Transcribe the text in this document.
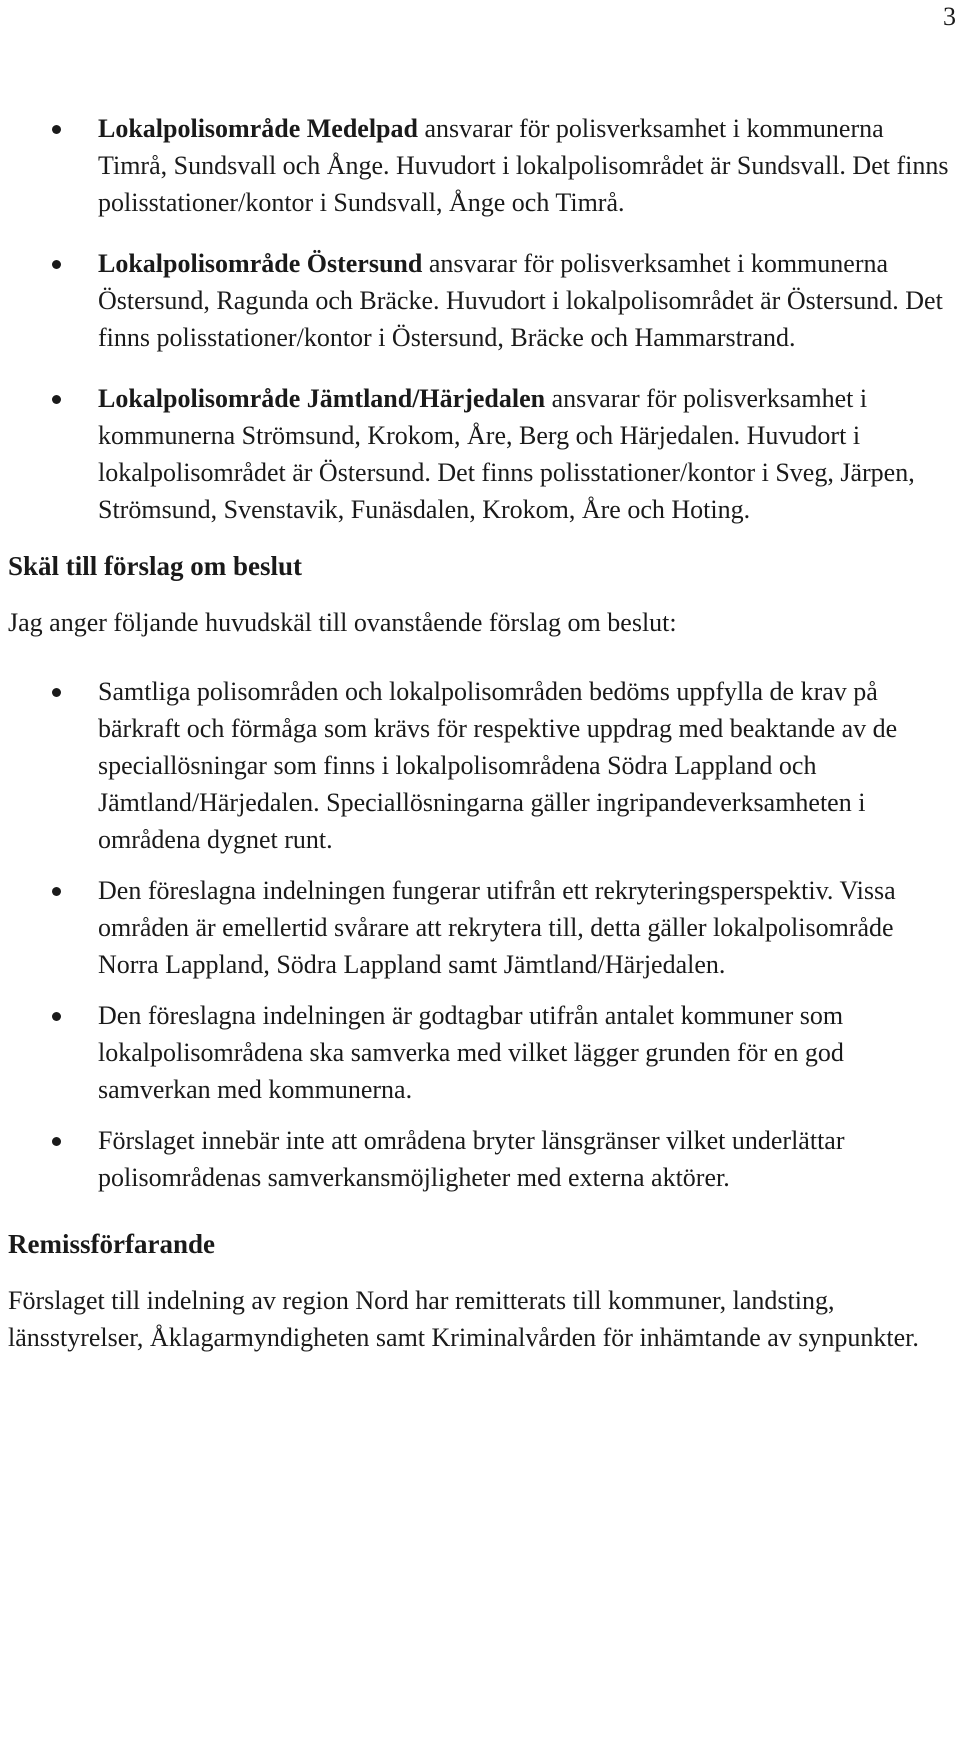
3
Lokalpolisområde Medelpad ansvarar för polisverksamhet i kommunerna Timrå, Sundsvall och Ånge. Huvudort i lokalpolisområdet är Sundsvall. Det finns polisstationer/kontor i Sundsvall, Ånge och Timrå.
Lokalpolisområde Östersund ansvarar för polisverksamhet i kommunerna Östersund, Ragunda och Bräcke. Huvudort i lokalpolisområdet är Östersund. Det finns polisstationer/kontor i Östersund, Bräcke och Hammarstrand.
Lokalpolisområde Jämtland/Härjedalen ansvarar för polisverksamhet i kommunerna Strömsund, Krokom, Åre, Berg och Härjedalen. Huvudort i lokalpolisområdet är Östersund. Det finns polisstationer/kontor i Sveg, Järpen, Strömsund, Svenstavik, Funäsdalen, Krokom, Åre och Hoting.
Skäl till förslag om beslut

Jag anger följande huvudskäl till ovanstående förslag om beslut:

Samtliga polisområden och lokalpolisområden bedöms uppfylla de krav på bärkraft och förmåga som krävs för respektive uppdrag med beaktande av de speciallösningar som finns i lokalpolisområdena Södra Lappland och Jämtland/Härjedalen. Speciallösningarna gäller ingripandeverksamheten i områdena dygnet runt.
Den föreslagna indelningen fungerar utifrån ett rekryteringsperspektiv. Vissa områden är emellertid svårare att rekrytera till, detta gäller lokalpolisområde Norra Lappland, Södra Lappland samt Jämtland/Härjedalen.
Den föreslagna indelningen är godtagbar utifrån antalet kommuner som lokalpolisområdena ska samverka med vilket lägger grunden för en god samverkan med kommunerna.
Förslaget innebär inte att områdena bryter länsgränser vilket underlättar polisområdenas samverkansmöjligheter med externa aktörer.
Remissförfarande

Förslaget till indelning av region Nord har remitterats till kommuner, landsting, länsstyrelser, Åklagarmyndigheten samt Kriminalvården för inhämtande av synpunkter.
